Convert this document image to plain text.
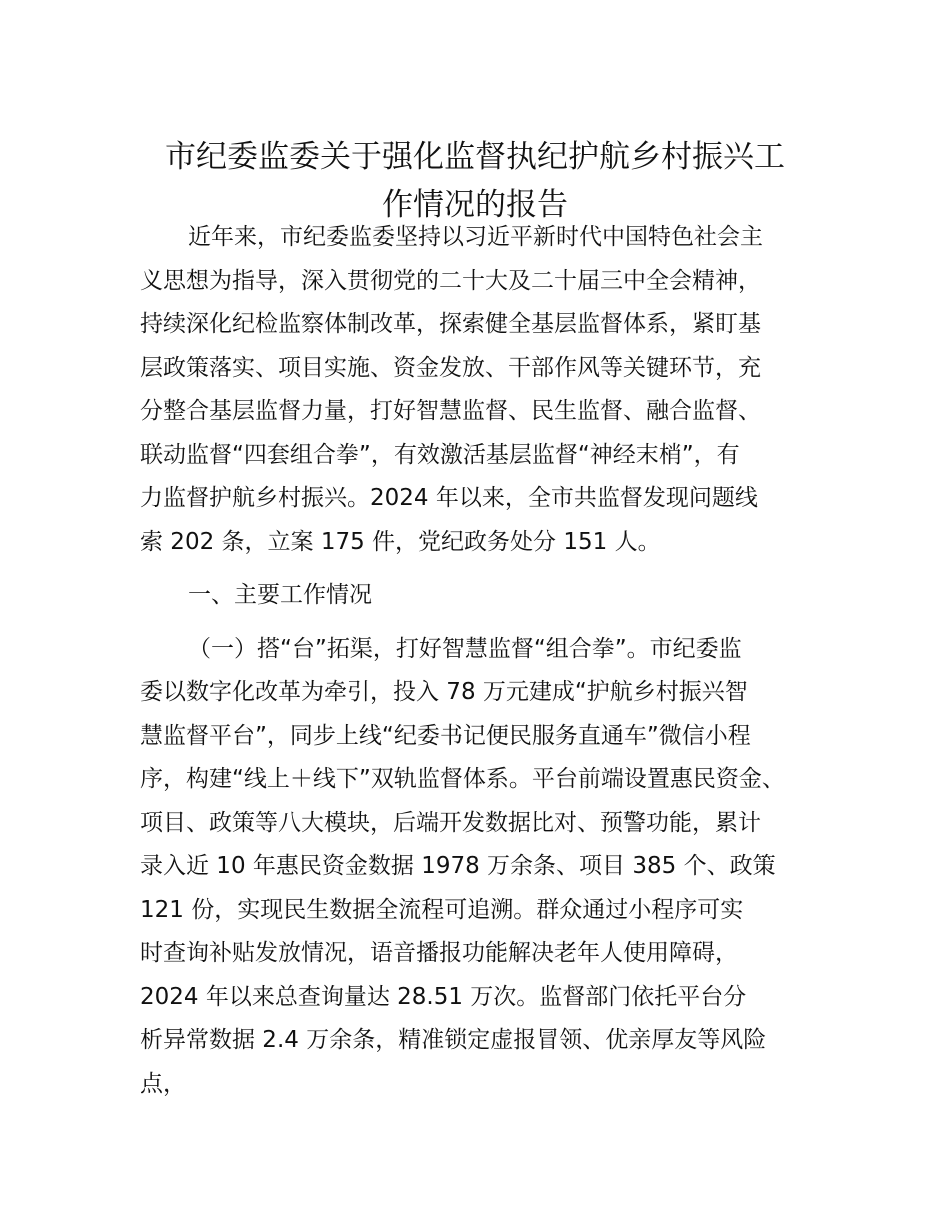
市纪委监委关于强化监督执纪护航乡村振兴工
作情况的报告
近年来，市纪委监委坚持以习近平新时代中国特色社会主
义思想为指导，深入贯彻党的二十大及二十届三中全会精神，
持续深化纪检监察体制改革，探索健全基层监督体系，紧盯基
层政策落实、项目实施、资金发放、干部作风等关键环节，充
分整合基层监督力量，打好智慧监督、民生监督、融合监督、
联动监督“四套组合拳”，有效激活基层监督“神经末梢”，有
力监督护航乡村振兴。2024 年以来，全市共监督发现问题线
索 202 条，立案 175 件，党纪政务处分 151 人。
一、主要工作情况
（一）搭“台”拓渠，打好智慧监督“组合拳”。市纪委监
委以数字化改革为牵引，投入 78 万元建成“护航乡村振兴智
慧监督平台”，同步上线“纪委书记便民服务直通车”微信小程
序，构建“线上＋线下”双轨监督体系。平台前端设置惠民资金、
项目、政策等八大模块，后端开发数据比对、预警功能，累计
录入近 10 年惠民资金数据 1978 万余条、项目 385 个、政策
121 份，实现民生数据全流程可追溯。群众通过小程序可实
时查询补贴发放情况，语音播报功能解决老年人使用障碍，
2024 年以来总查询量达 28.51 万次。监督部门依托平台分
析异常数据 2.4 万余条，精准锁定虚报冒领、优亲厚友等风险
点，
